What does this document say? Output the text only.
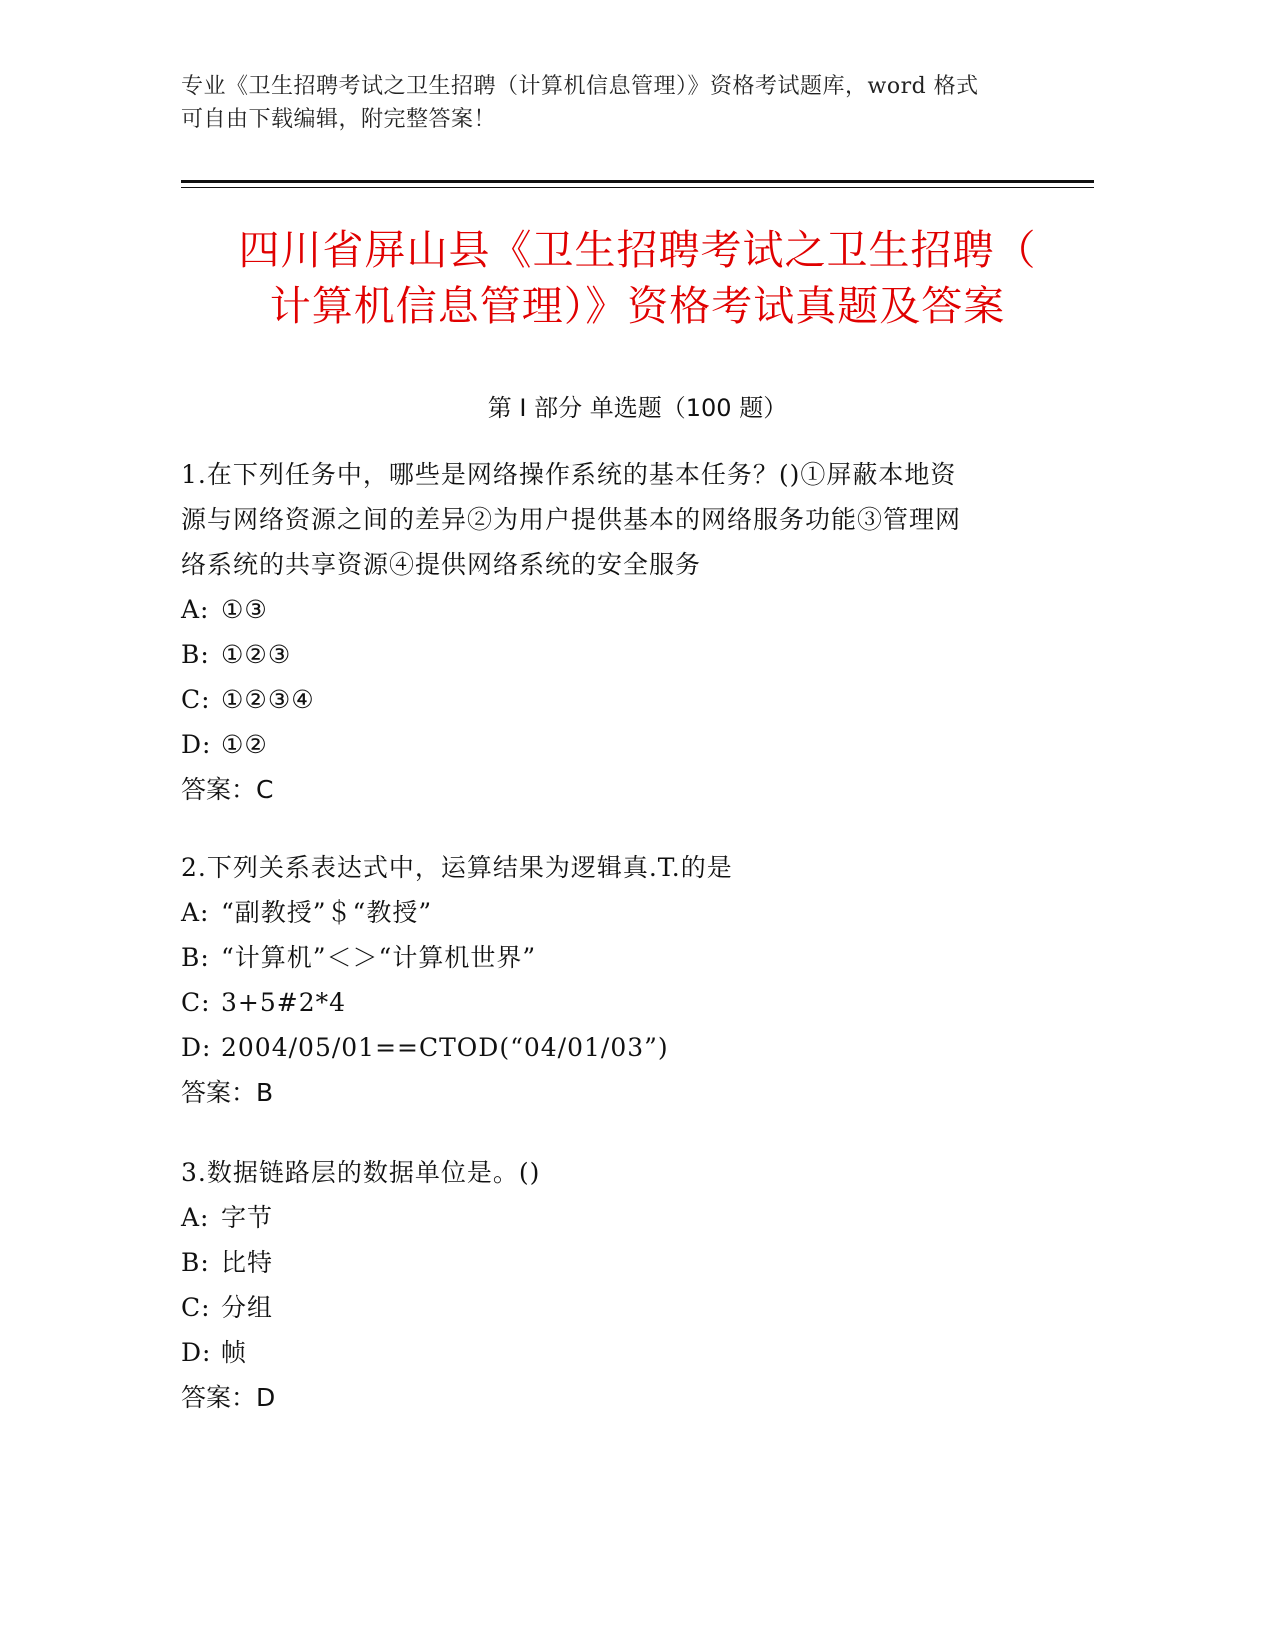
专业《卫生招聘考试之卫生招聘（计算机信息管理）》资格考试题库，word 格式
可自由下载编辑，附完整答案！
四川省屏山县《卫生招聘考试之卫生招聘（
计算机信息管理）》资格考试真题及答案
第 I 部分 单选题（100 题）
1.在下列任务中，哪些是网络操作系统的基本任务？()①屏蔽本地资
源与网络资源之间的差异②为用户提供基本的网络服务功能③管理网
络系统的共享资源④提供网络系统的安全服务
A: ①③
B: ①②③
C: ①②③④
D: ①②
答案：C
2.下列关系表达式中，运算结果为逻辑真.T.的是
A: “副教授”＄“教授”
B: “计算机”＜＞“计算机世界”
C: 3+5#2*4
D: 2004/05/01==CTOD(“04/01/03”)
答案：B
3.数据链路层的数据单位是。()
A: 字节
B: 比特
C: 分组
D: 帧
答案：D
